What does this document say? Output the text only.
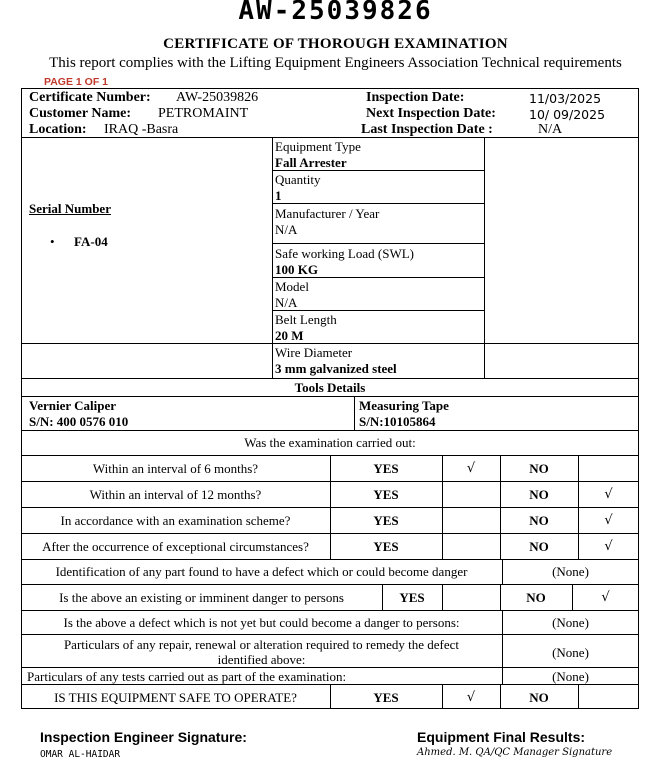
AW-25039826
CERTIFICATE OF THOROUGH EXAMINATION
This report complies with the Lifting Equipment Engineers Association Technical requirements
PAGE 1 OF 1
Certificate Number: AW-25039826
Customer Name: PETROMAINT
Location: IRAQ -Basra
Inspection Date:	11/03/2025
Next Inspection Date:	10/ 09/2025
Last Inspection Date :	N/A
Serial Number
• FA-04
Equipment Type
Fall Arrester
Quantity
1
Manufacturer / Year
N/A
Safe working Load (SWL)
100 KG
Model
N/A
Belt Length
20 M
Wire Diameter
3 mm galvanized steel
Tools Details
Vernier Caliper
S/N: 400 0576 010
Measuring Tape
S/N:10105864
Was the examination carried out:
Within an interval of 6 months?	YES	√	NO
Within an interval of 12 months?	YES	NO	√
In accordance with an examination scheme?	YES	NO	√
After the occurrence of exceptional circumstances?	YES	NO	√
Identification of any part found to have a defect which or could become danger	(None)
Is the above an existing or imminent danger to persons	YES	NO	√
Is the above a defect which is not yet but could become a danger to persons:	(None)
Particulars of any repair, renewal or alteration required to remedy the defect
identified above:	(None)
Particulars of any tests carried out as part of the examination:	(None)
IS THIS EQUIPMENT SAFE TO OPERATE?	YES	√	NO
Inspection Engineer Signature:
OMAR AL-HAIDAR
Equipment Final Results:
Ahmed. M. QA/QC Manager Signature
